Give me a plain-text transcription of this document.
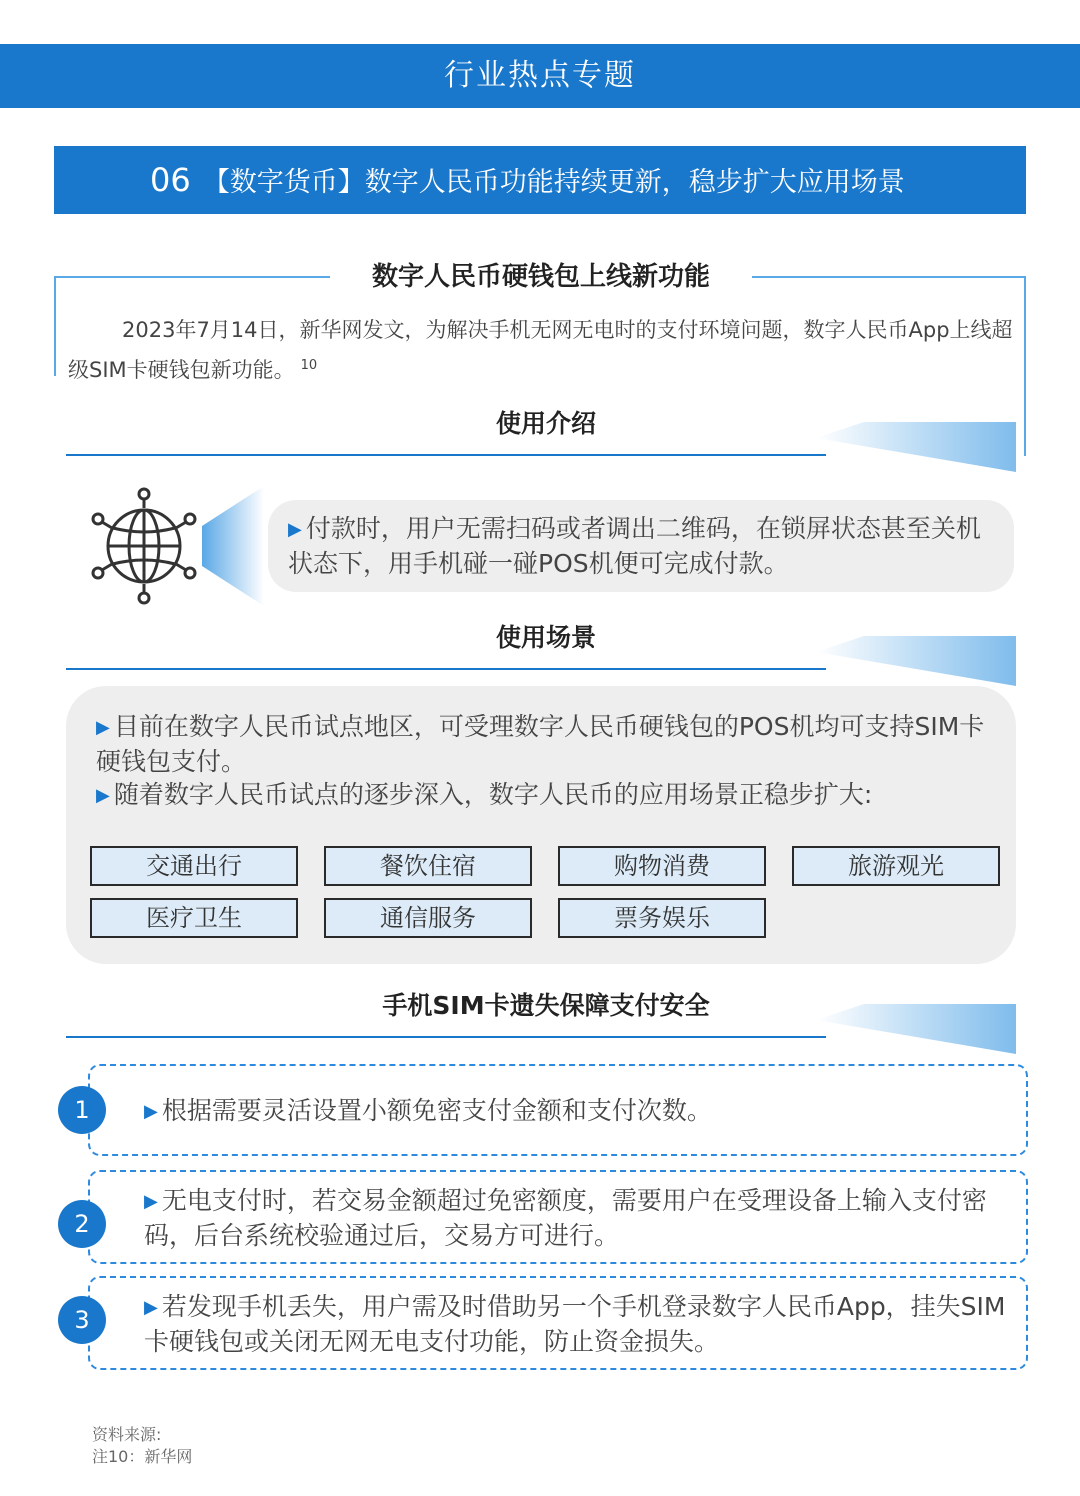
行业热点专题
06 【数字货币】数字人民币功能持续更新，稳步扩大应用场景
数字人民币硬钱包上线新功能
2023年7月14日，新华网发文，为解决手机无网无电时的支付环境问题，数字人民币App上线超级SIM卡硬钱包新功能。 $^{10}$
使用介绍
▶ 付款时，用户无需扫码或者调出二维码，在锁屏状态甚至关机状态下，用手机碰一碰POS机便可完成付款。
使用场景
▶ 目前在数字人民币试点地区，可受理数字人民币硬钱包的POS机均可支持SIM卡硬钱包支付。
▶ 随着数字人民币试点的逐步深入，数字人民币的应用场景正稳步扩大:
交通出行	餐饮住宿	购物消费	旅游观光
医疗卫生	通信服务	票务娱乐
手机SIM卡遗失保障支付安全
1	▶ 根据需要灵活设置小额免密支付金额和支付次数。
2
▶ 无电支付时，若交易金额超过免密额度，需要用户在受理设备上输入支付密码，后台系统校验通过后，交易方可进行。
3	▶ 若发现手机丢失，用户需及时借助另一个手机登录数字人民币App，挂失SIM卡硬钱包或关闭无网无电支付功能，防止资金损失。
资料来源:
注10：新华网
